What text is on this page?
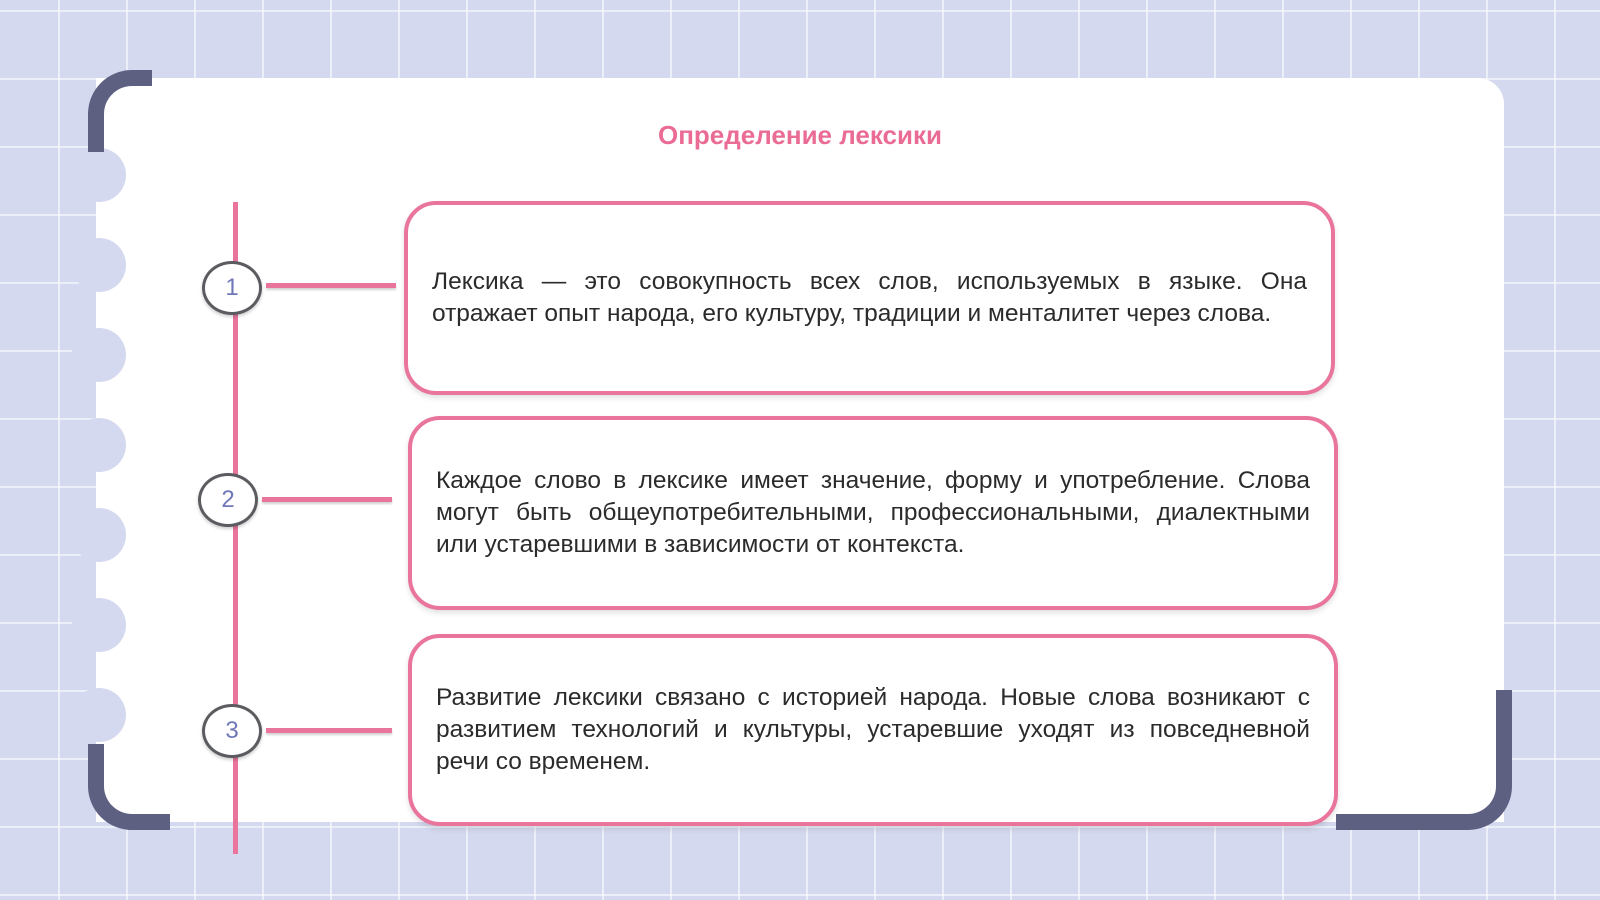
Определение лексики
1
2
3
Лексика — это совокупность всех слов, используемых в языке. Она отражает опыт народа, его культуру, традиции и менталитет через слова.
Каждое слово в лексике имеет значение, форму и употребление. Слова могут быть общеупотребительными, профессиональными, диалектными или устаревшими в зависимости от контекста.
Развитие лексики связано с историей народа. Новые слова возникают с развитием технологий и культуры, устаревшие уходят из повседневной речи со временем.
